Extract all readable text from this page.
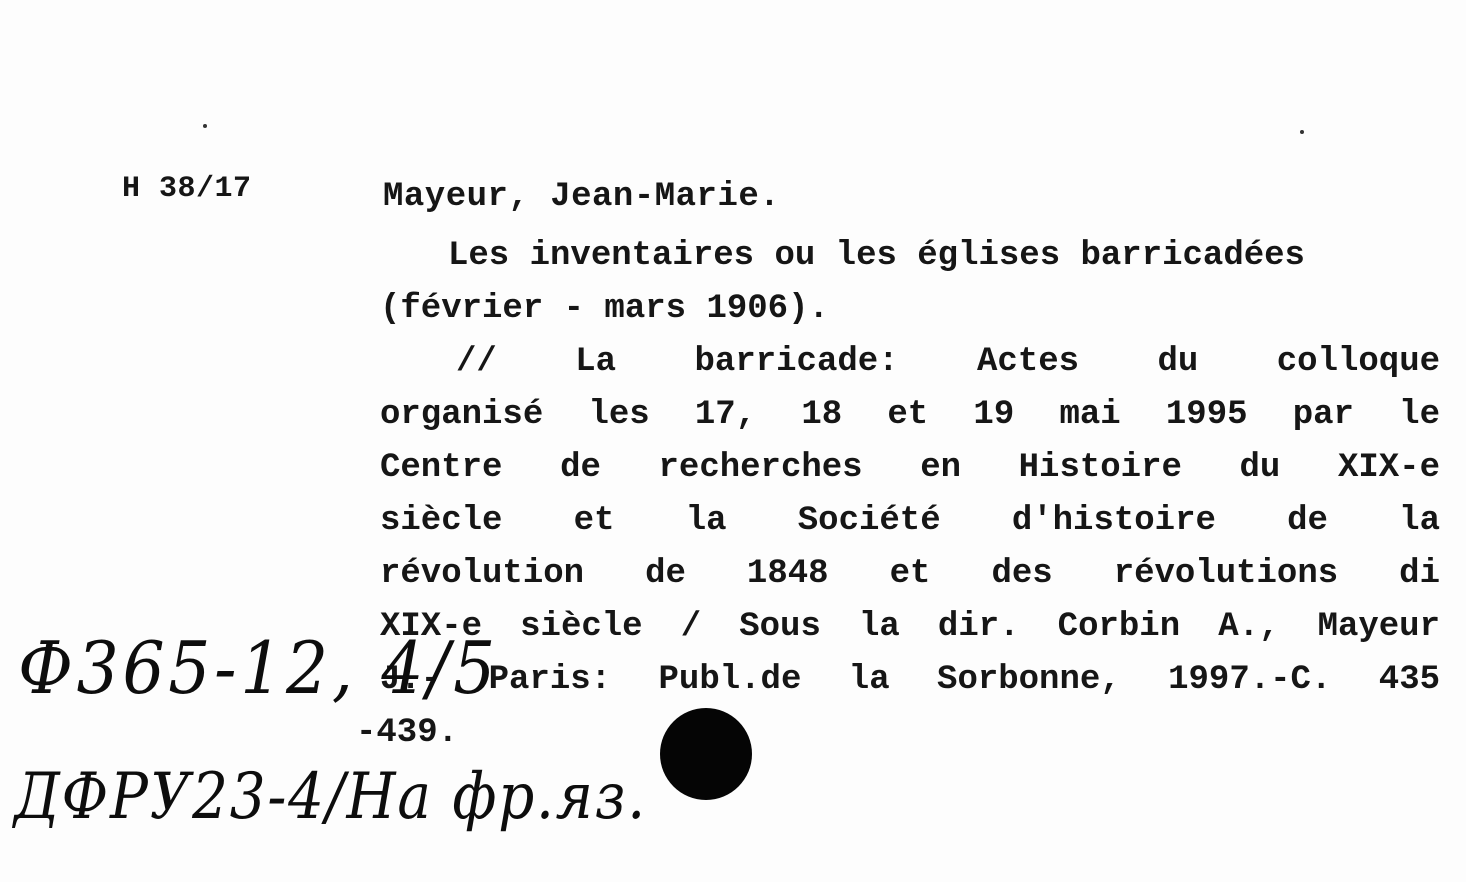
H 38/17	Mayeur, Jean-Marie.
Les inventaires ou les églises barricadées
(février - mars 1906).
// La barricade: Actes du colloque
organisé les 17, 18 et 19 mai 1995 par le
Centre de recherches en Histoire du XIX-e
siècle et la Société d'histoire de la
révolution de 1848 et des révolutions di
XIX-e siècle / Sous la dir. Corbin A., Mayeur
J.- Paris: Publ.de la Sorbonne, 1997.-C. 435
-439.
Ф365-12, 4/5
ДФРУ23-4/На фр.яз.
